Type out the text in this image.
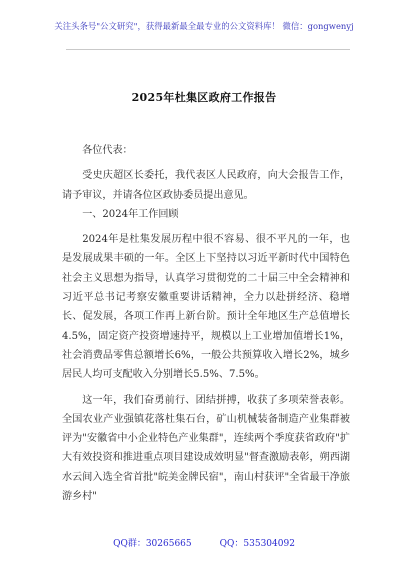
关注头条号"公文研究"，获得最新最全最专业的公文资料库！ 微信：gongwenyj
2025年杜集区政府工作报告

各位代表：

受史庆超区长委托，我代表区人民政府，向大会报告工作，请予审议，并请各位区政协委员提出意见。

一、2024年工作回顾

2024年是杜集发展历程中很不容易、很不平凡的一年，也是发展成果丰硕的一年。全区上下坚持以习近平新时代中国特色社会主义思想为指导，认真学习贯彻党的二十届三中全会精神和习近平总书记考察安徽重要讲话精神，全力以赴拼经济、稳增长、促发展，各项工作再上新台阶。预计全年地区生产总值增长4.5%，固定资产投资增速持平，规模以上工业增加值增长1%，社会消费品零售总额增长6%，一般公共预算收入增长2%，城乡居民人均可支配收入分别增长5.5%、7.5%。

这一年，我们奋勇前行、团结拼搏，收获了多项荣誉表彰。全国农业产业强镇花落杜集石台，矿山机械装备制造产业集群被评为"安徽省中小企业特色产业集群"，连续两个季度获省政府"扩大有效投资和推进重点项目建设成效明显"督查激励表彰，朔西湖水云间入选全省首批"皖美金牌民宿"，南山村获评"全省最干净旅游乡村"

QQ群：30265665	QQ：535304092
